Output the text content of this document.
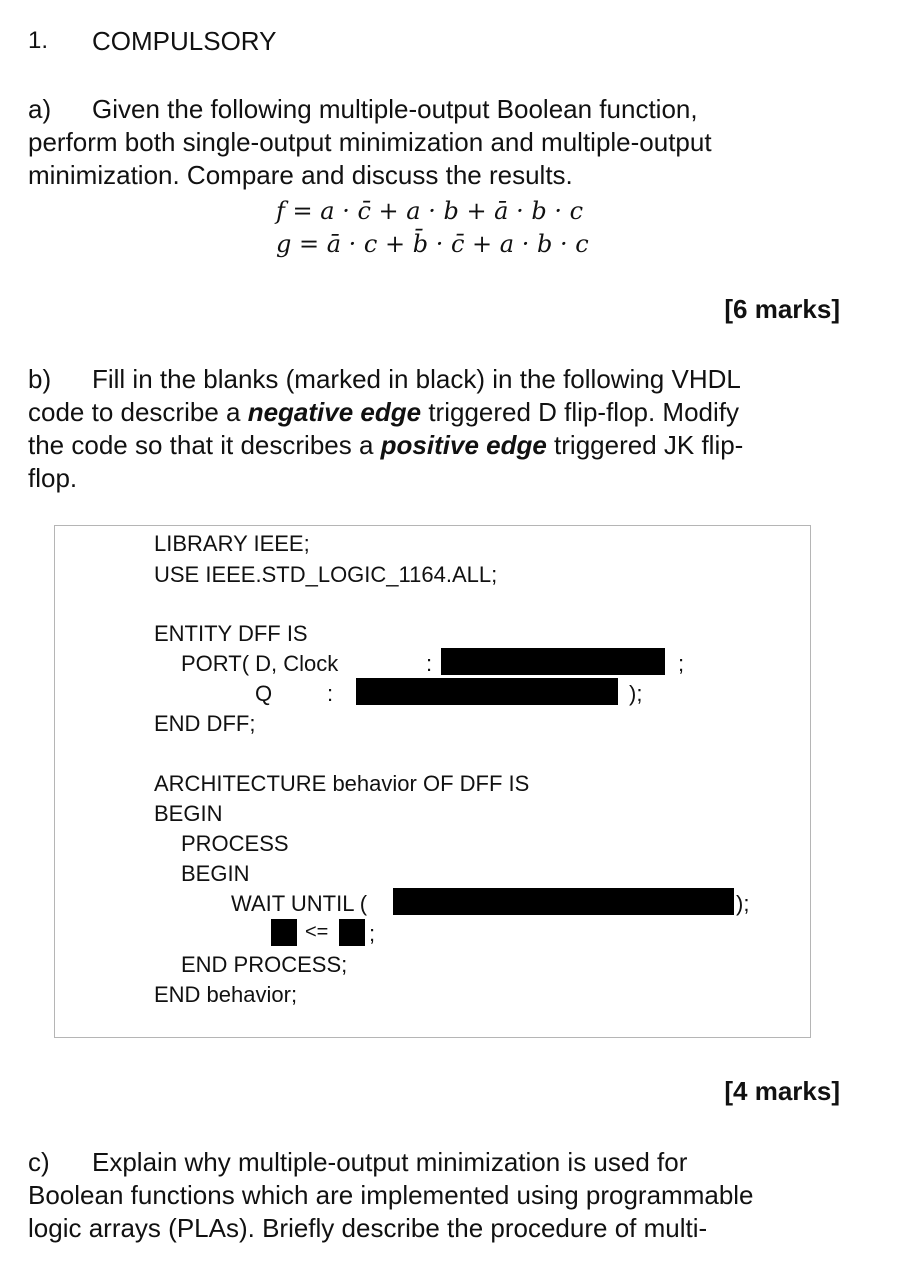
1. COMPULSORY
a) Given the following multiple-output Boolean function,
perform both single-output minimization and multiple-output
minimization. Compare and discuss the results.
f = a · c̄ + a · b + ā · b · c
g = ā · c + b̄ · c̄ + a · b · c
[6 marks]
b) Fill in the blanks (marked in black) in the following VHDL
code to describe a negative edge triggered D flip-flop. Modify
the code so that it describes a positive edge triggered JK flip-
flop.
LIBRARY IEEE;
USE IEEE.STD_LOGIC_1164.ALL;
ENTITY DFF IS
PORT( D, Clock	:	;
Q :	);
END DFF;
ARCHITECTURE behavior OF DFF IS
BEGIN
PROCESS
BEGIN
WAIT UNTIL (	);
<= ;
END PROCESS;
END behavior;
[4 marks]
c) Explain why multiple-output minimization is used for
Boolean functions which are implemented using programmable
logic arrays (PLAs). Briefly describe the procedure of multi-
